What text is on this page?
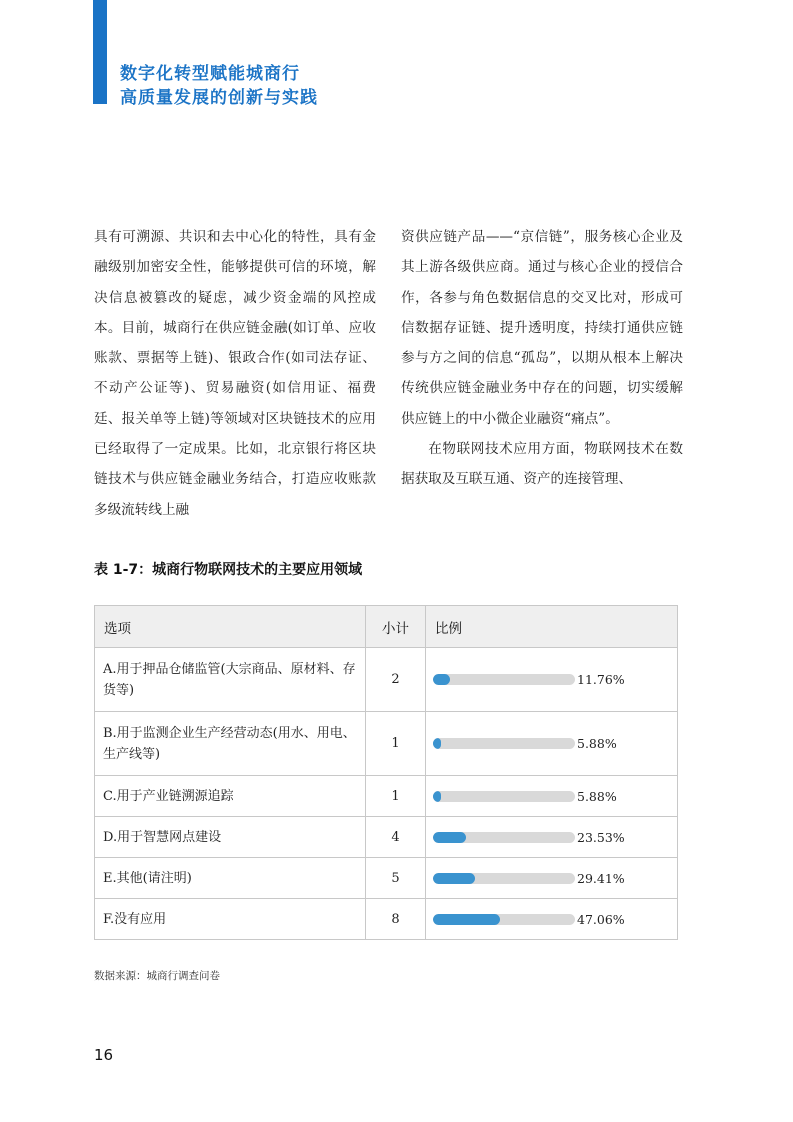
数字化转型赋能城商行
高质量发展的创新与实践

具有可溯源、共识和去中心化的特性，具有金融级别加密安全性，能够提供可信的环境，解决信息被篡改的疑虑，减少资金端的风控成本。目前，城商行在供应链金融(如订单、应收账款、票据等上链)、银政合作(如司法存证、不动产公证等)、贸易融资(如信用证、福费廷、报关单等上链)等领域对区块链技术的应用已经取得了一定成果。比如，北京银行将区块链技术与供应链金融业务结合，打造应收账款多级流转线上融

资供应链产品——“京信链”，服务核心企业及其上游各级供应商。通过与核心企业的授信合作，各参与角色数据信息的交叉比对，形成可信数据存证链、提升透明度，持续打通供应链参与方之间的信息“孤岛”，以期从根本上解决传统供应链金融业务中存在的问题，切实缓解供应链上的中小微企业融资“痛点”。

在物联网技术应用方面，物联网技术在数据获取及互联互通、资产的连接管理、

表 1-7：城商行物联网技术的主要应用领域
选项	小计	比例
A.用于押品仓储监管(大宗商品、原材料、存货等)	2	11.76%

B.用于监测企业生产经营动态(用水、用电、生产线等)	1	5.88%

C.用于产业链溯源追踪	1	5.88%

D.用于智慧网点建设	4	23.53%

E.其他(请注明)	5	29.41%

F.没有应用	8	47.06%
数据来源：城商行调查问卷
16
